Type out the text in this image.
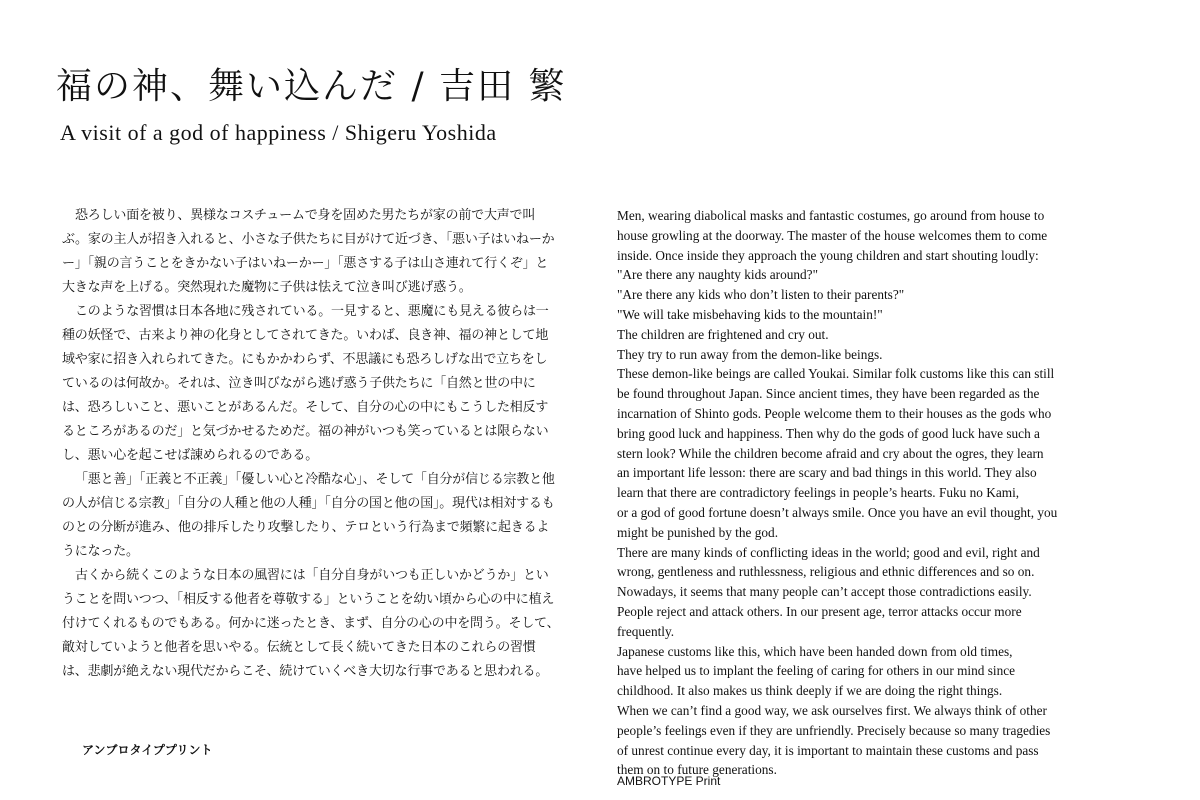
福の神、舞い込んだ / 吉田 繁
A visit of a god of happiness / Shigeru Yoshida

恐ろしい面を被り、異様なコスチュームで身を固めた男たちが家の前で大声で叫ぶ。家の主人が招き入れると、小さな子供たちに目がけて近づき、「悪い子はいねーかー」「親の言うことをきかない子はいねーかー」「悪さする子は山さ連れて行くぞ」と大きな声を上げる。突然現れた魔物に子供は怯えて泣き叫び逃げ惑う。

このような習慣は日本各地に残されている。一見すると、悪魔にも見える彼らは一種の妖怪で、古来より神の化身としてされてきた。いわば、良き神、福の神として地域や家に招き入れられてきた。にもかかわらず、不思議にも恐ろしげな出で立ちをしているのは何故か。それは、泣き叫びながら逃げ惑う子供たちに「自然と世の中には、恐ろしいこと、悪いことがあるんだ。そして、自分の心の中にもこうした相反するところがあるのだ」と気づかせるためだ。福の神がいつも笑っているとは限らないし、悪い心を起こせば諌められるのである。

「悪と善」「正義と不正義」「優しい心と冷酷な心」、そして「自分が信じる宗教と他の人が信じる宗教」「自分の人種と他の人種」「自分の国と他の国」。現代は相対するものとの分断が進み、他の排斥したり攻撃したり、テロという行為まで頻繁に起きるようになった。

古くから続くこのような日本の風習には「自分自身がいつも正しいかどうか」ということを問いつつ、「相反する他者を尊敬する」ということを幼い頃から心の中に植え付けてくれるものでもある。何かに迷ったとき、まず、自分の心の中を問う。そして、敵対していようと他者を思いやる。伝統として長く続いてきた日本のこれらの習慣は、悲劇が絶えない現代だからこそ、続けていくべき大切な行事であると思われる。

アンブロタイププリント
Men, wearing diabolical masks and fantastic costumes, go around from house to
house growling at the doorway. The master of the house welcomes them to come
inside. Once inside they approach the young children and start shouting loudly:
"Are there any naughty kids around?"
"Are there any kids who don’t listen to their parents?"
"We will take misbehaving kids to the mountain!"
The children are frightened and cry out.
They try to run away from the demon-like beings.
These demon-like beings are called Youkai. Similar folk customs like this can still
be found throughout Japan. Since ancient times, they have been regarded as the
incarnation of Shinto gods. People welcome them to their houses as the gods who
bring good luck and happiness. Then why do the gods of good luck have such a
stern look? While the children become afraid and cry about the ogres, they learn
an important life lesson: there are scary and bad things in this world. They also
learn that there are contradictory feelings in people’s hearts. Fuku no Kami,
or a god of good fortune doesn’t always smile. Once you have an evil thought, you
might be punished by the god.
There are many kinds of conflicting ideas in the world; good and evil, right and
wrong, gentleness and ruthlessness, religious and ethnic differences and so on.
Nowadays, it seems that many people can’t accept those contradictions easily.
People reject and attack others. In our present age, terror attacks occur more
frequently.
Japanese customs like this, which have been handed down from old times,
have helped us to implant the feeling of caring for others in our mind since
childhood. It also makes us think deeply if we are doing the right things.
When we can’t find a good way, we ask ourselves first. We always think of other
people’s feelings even if they are unfriendly. Precisely because so many tragedies
of unrest continue every day, it is important to maintain these customs and pass
them on to future generations.
AMBROTYPE Print
